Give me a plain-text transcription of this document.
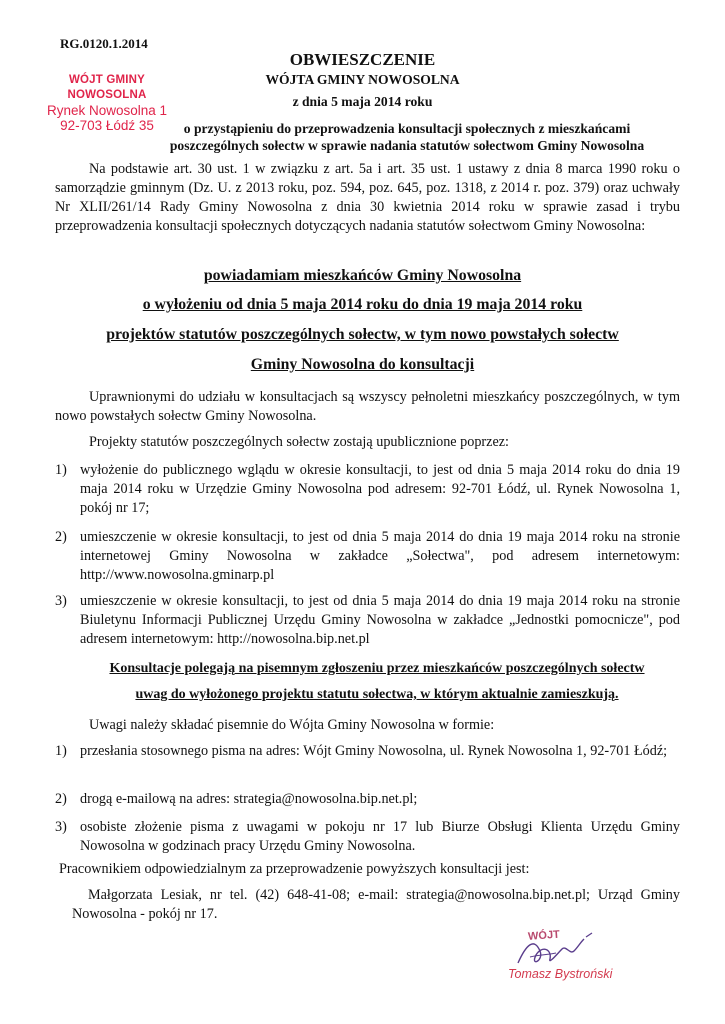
RG.0120.1.2014
OBWIESZCZENIE
WÓJTA GMINY NOWOSOLNA
z dnia 5 maja 2014 roku
WÓJT GMINY NOWOSOLNA
Rynek Nowosolna 1
92-703 Łódź 35	o przystąpieniu do przeprowadzenia konsultacji społecznych z mieszkańcami
poszczególnych sołectw w sprawie nadania statutów sołectwom Gminy Nowosolna
Na podstawie art. 30 ust. 1 w związku z art. 5a i art. 35 ust. 1 ustawy z dnia 8 marca 1990 roku o samorządzie gminnym (Dz. U. z 2013 roku, poz. 594, poz. 645, poz. 1318, z 2014 r. poz. 379) oraz uchwały Nr XLII/261/14 Rady Gminy Nowosolna z dnia 30 kwietnia 2014 roku w sprawie zasad i trybu przeprowadzenia konsultacji społecznych dotyczących nadania statutów sołectwom Gminy Nowosolna:
powiadamiam mieszkańców Gminy Nowosolna
o wyłożeniu od dnia 5 maja 2014 roku do dnia 19 maja 2014 roku
projektów statutów poszczególnych sołectw, w tym nowo powstałych sołectw
Gminy Nowosolna do konsultacji
Uprawnionymi do udziału w konsultacjach są wszyscy pełnoletni mieszkańcy poszczególnych, w tym nowo powstałych sołectw Gminy Nowosolna.
Projekty statutów poszczególnych sołectw zostają upublicznione poprzez:
1) wyłożenie do publicznego wglądu w okresie konsultacji, to jest od dnia 5 maja 2014 roku do dnia 19 maja 2014 roku w Urzędzie Gminy Nowosolna pod adresem: 92-701 Łódź, ul. Rynek Nowosolna 1, pokój nr 17;
2) umieszczenie w okresie konsultacji, to jest od dnia 5 maja 2014 do dnia 19 maja 2014 roku na stronie internetowej Gminy Nowosolna w zakładce „Sołectwa", pod adresem internetowym: http://www.nowosolna.gminarp.pl
3) umieszczenie w okresie konsultacji, to jest od dnia 5 maja 2014 do dnia 19 maja 2014 roku na stronie Biuletynu Informacji Publicznej Urzędu Gminy Nowosolna w zakładce „Jednostki pomocnicze", pod adresem internetowym: http://nowosolna.bip.net.pl
Konsultacje polegają na pisemnym zgłoszeniu przez mieszkańców poszczególnych sołectw
uwag do wyłożonego projektu statutu sołectwa, w którym aktualnie zamieszkują.
Uwagi należy składać pisemnie do Wójta Gminy Nowosolna w formie:
1) przesłania stosownego pisma na adres: Wójt Gminy Nowosolna, ul. Rynek Nowosolna 1, 92-701 Łódź;
2) drogą e-mailową na adres: strategia@nowosolna.bip.net.pl;
3) osobiste złożenie pisma z uwagami w pokoju nr 17 lub Biurze Obsługi Klienta Urzędu Gminy Nowosolna w godzinach pracy Urzędu Gminy Nowosolna.
Pracownikiem odpowiedzialnym za przeprowadzenie powyższych konsultacji jest:
Małgorzata Lesiak, nr tel. (42) 648-41-08; e-mail: strategia@nowosolna.bip.net.pl; Urząd Gminy Nowosolna - pokój nr 17.
WÓJT
Tomasz Bystroński
